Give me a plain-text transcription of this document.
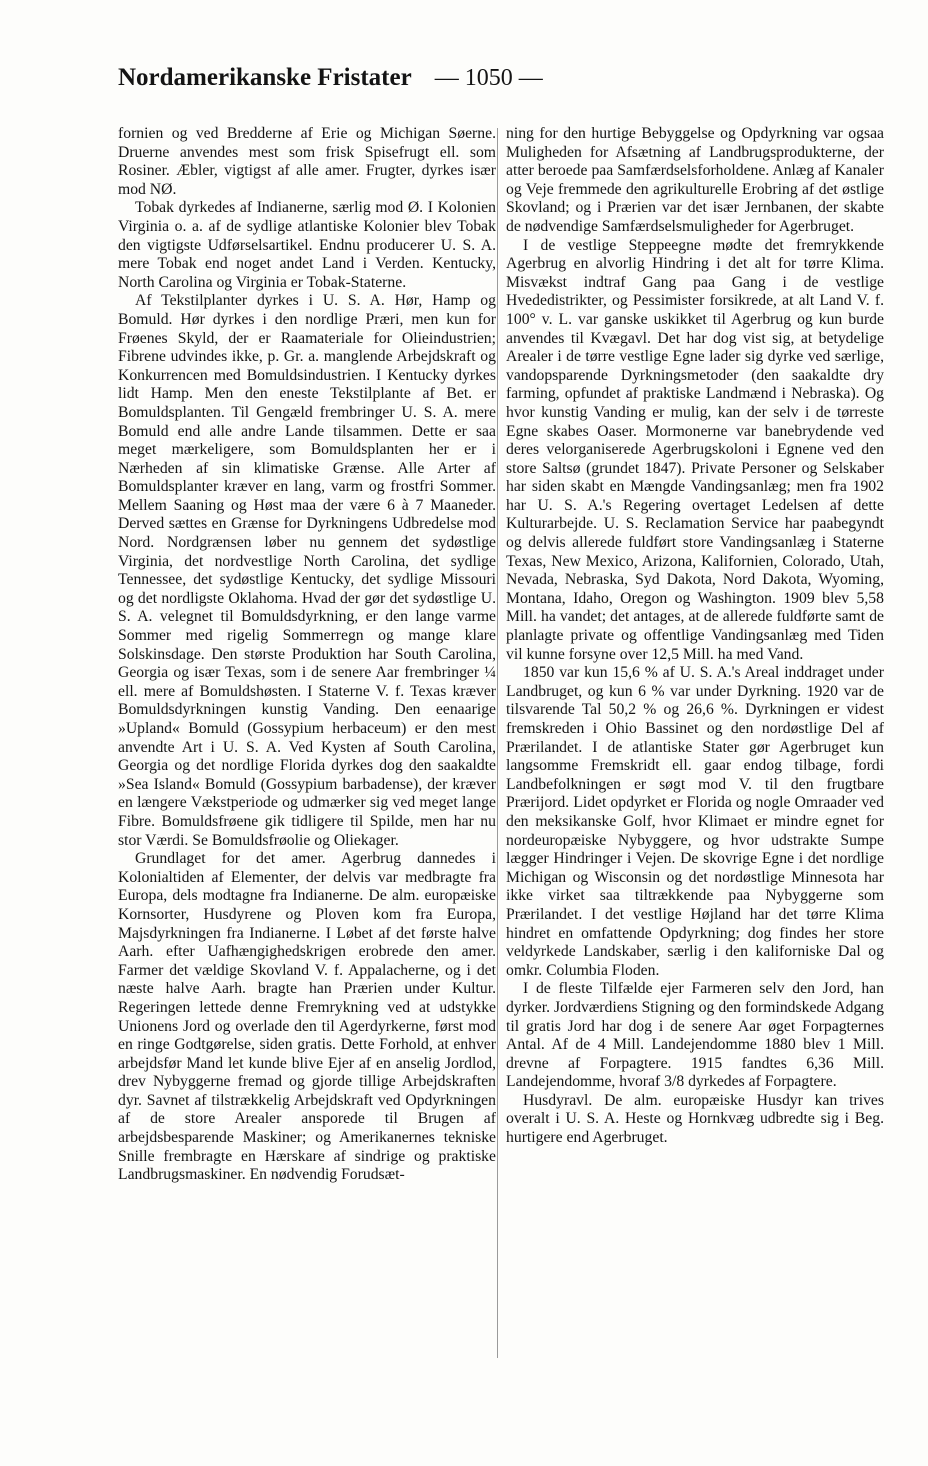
Nordamerikanske Fristater — 1050 —

fornien og ved Bredderne af Erie og Michigan Søerne. Druerne anvendes mest som frisk Spisefrugt ell. som Rosiner. Æbler, vigtigst af alle amer. Frugter, dyrkes især mod NØ.

Tobak dyrkedes af Indianerne, særlig mod Ø. I Kolonien Virginia o. a. af de sydlige atlantiske Kolonier blev Tobak den vigtigste Udførselsartikel. Endnu producerer U. S. A. mere Tobak end noget andet Land i Verden. Kentucky, North Carolina og Virginia er Tobak-Staterne.

Af Tekstilplanter dyrkes i U. S. A. Hør, Hamp og Bomuld. Hør dyrkes i den nordlige Præri, men kun for Frøenes Skyld, der er Raamateriale for Olieindustrien; Fibrene udvindes ikke, p. Gr. a. manglende Arbejdskraft og Konkurrencen med Bomuldsindustrien. I Kentucky dyrkes lidt Hamp. Men den eneste Tekstilplante af Bet. er Bomuldsplanten. Til Gengæld frembringer U. S. A. mere Bomuld end alle andre Lande tilsammen. Dette er saa meget mærkeligere, som Bomuldsplanten her er i Nærheden af sin klimatiske Grænse. Alle Arter af Bomuldsplanter kræver en lang, varm og frostfri Sommer. Mellem Saaning og Høst maa der være 6 à 7 Maaneder. Derved sættes en Grænse for Dyrkningens Udbredelse mod Nord. Nordgrænsen løber nu gennem det sydøstlige Virginia, det nordvestlige North Carolina, det sydlige Tennessee, det sydøstlige Kentucky, det sydlige Missouri og det nordligste Oklahoma. Hvad der gør det sydøstlige U. S. A. velegnet til Bomuldsdyrkning, er den lange varme Sommer med rigelig Sommerregn og mange klare Solskinsdage. Den største Produktion har South Carolina, Georgia og især Texas, som i de senere Aar frembringer ¼ ell. mere af Bomuldshøsten. I Staterne V. f. Texas kræver Bomuldsdyrkningen kunstig Vanding. Den eenaarige »Upland« Bomuld (Gossypium herbaceum) er den mest anvendte Art i U. S. A. Ved Kysten af South Carolina, Georgia og det nordlige Florida dyrkes dog den saakaldte »Sea Island« Bomuld (Gossypium barbadense), der kræver en længere Vækstperiode og udmærker sig ved meget lange Fibre. Bomuldsfrøene gik tidligere til Spilde, men har nu stor Værdi. Se Bomuldsfrøolie og Oliekager.

Grundlaget for det amer. Agerbrug dannedes i Kolonialtiden af Elementer, der delvis var medbragte fra Europa, dels modtagne fra Indianerne. De alm. europæiske Kornsorter, Husdyrene og Ploven kom fra Europa, Majsdyrkningen fra Indianerne. I Løbet af det første halve Aarh. efter Uafhængighedskrigen erobrede den amer. Farmer det vældige Skovland V. f. Appalacherne, og i det næste halve Aarh. bragte han Prærien under Kultur. Regeringen lettede denne Fremrykning ved at udstykke Unionens Jord og overlade den til Agerdyrkerne, først mod en ringe Godtgørelse, siden gratis. Dette Forhold, at enhver arbejdsfør Mand let kunde blive Ejer af en anselig Jordlod, drev Nybyggerne fremad og gjorde tillige Arbejdskraften dyr. Savnet af tilstrækkelig Arbejdskraft ved Opdyrkningen af de store Arealer ansporede til Brugen af arbejdsbesparende Maskiner; og Amerikanernes tekniske Snille frembragte en Hærskare af sindrige og praktiske Landbrugsmaskiner. En nødvendig Forudsæt-

ning for den hurtige Bebyggelse og Opdyrkning var ogsaa Muligheden for Afsætning af Landbrugsprodukterne, der atter beroede paa Samfærdselsforholdene. Anlæg af Kanaler og Veje fremmede den agrikulturelle Erobring af det østlige Skovland; og i Prærien var det især Jernbanen, der skabte de nødvendige Samfærdselsmuligheder for Agerbruget.

I de vestlige Steppeegne mødte det fremrykkende Agerbrug en alvorlig Hindring i det alt for tørre Klima. Misvækst indtraf Gang paa Gang i de vestlige Hvededistrikter, og Pessimister forsikrede, at alt Land V. f. 100° v. L. var ganske uskikket til Agerbrug og kun burde anvendes til Kvægavl. Det har dog vist sig, at betydelige Arealer i de tørre vestlige Egne lader sig dyrke ved særlige, vandopsparende Dyrkningsmetoder (den saakaldte dry farming, opfundet af praktiske Landmænd i Nebraska). Og hvor kunstig Vanding er mulig, kan der selv i de tørreste Egne skabes Oaser. Mormonerne var banebrydende ved deres velorganiserede Agerbrugskoloni i Egnene ved den store Saltsø (grundet 1847). Private Personer og Selskaber har siden skabt en Mængde Vandingsanlæg; men fra 1902 har U. S. A.'s Regering overtaget Ledelsen af dette Kulturarbejde. U. S. Reclamation Service har paabegyndt og delvis allerede fuldført store Vandingsanlæg i Staterne Texas, New Mexico, Arizona, Kalifornien, Colorado, Utah, Nevada, Nebraska, Syd Dakota, Nord Dakota, Wyoming, Montana, Idaho, Oregon og Washington. 1909 blev 5,58 Mill. ha vandet; det antages, at de allerede fuldførte samt de planlagte private og offentlige Vandingsanlæg med Tiden vil kunne forsyne over 12,5 Mill. ha med Vand.

1850 var kun 15,6 % af U. S. A.'s Areal inddraget under Landbruget, og kun 6 % var under Dyrkning. 1920 var de tilsvarende Tal 50,2 % og 26,6 %. Dyrkningen er videst fremskreden i Ohio Bassinet og den nordøstlige Del af Prærilandet. I de atlantiske Stater gør Agerbruget kun langsomme Fremskridt ell. gaar endog tilbage, fordi Landbefolkningen er søgt mod V. til den frugtbare Prærijord. Lidet opdyrket er Florida og nogle Omraader ved den meksikanske Golf, hvor Klimaet er mindre egnet for nordeuropæiske Nybyggere, og hvor udstrakte Sumpe lægger Hindringer i Vejen. De skovrige Egne i det nordlige Michigan og Wisconsin og det nordøstlige Minnesota har ikke virket saa tiltrækkende paa Nybyggerne som Prærilandet. I det vestlige Højland har det tørre Klima hindret en omfattende Opdyrkning; dog findes her store veldyrkede Landskaber, særlig i den kaliforniske Dal og omkr. Columbia Floden.

I de fleste Tilfælde ejer Farmeren selv den Jord, han dyrker. Jordværdiens Stigning og den formindskede Adgang til gratis Jord har dog i de senere Aar øget Forpagternes Antal. Af de 4 Mill. Landejendomme 1880 blev 1 Mill. drevne af Forpagtere. 1915 fandtes 6,36 Mill. Landejendomme, hvoraf 3/8 dyrkedes af Forpagtere.

Husdyravl. De alm. europæiske Husdyr kan trives overalt i U. S. A. Heste og Hornkvæg udbredte sig i Beg. hurtigere end Agerbruget.
